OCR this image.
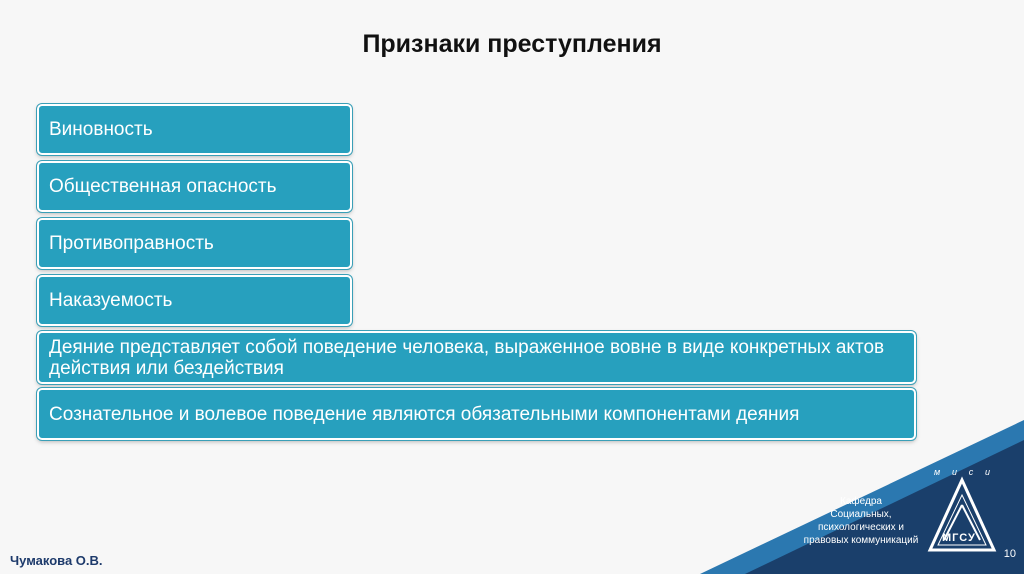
Признаки преступления
Виновность
Общественная опасность
Противоправность
Наказуемость
Деяние представляет собой поведение человека, выраженное вовне в виде конкретных актов действия или бездействия
Сознательное и волевое поведение являются обязательными компонентами деяния
м и с и
МГСУ
Кафедра
Социальных,
психологических и
правовых коммуникаций
10
Чумакова О.В.
